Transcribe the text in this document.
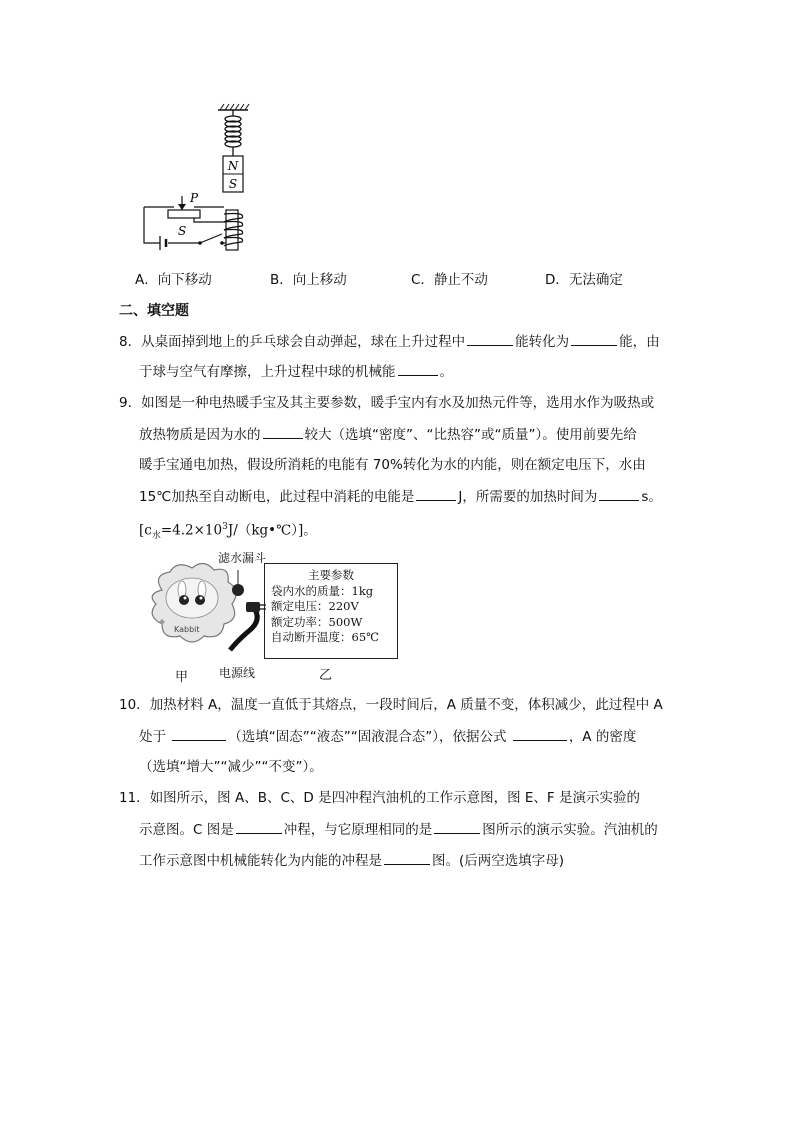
N
S
P
S
A．向下移动	B．向上移动	C．静止不动	D．无法确定
二、填空题
8．从桌面掉到地上的乒乓球会自动弹起，球在上升过程中	能转化为	能，由
于球与空气有摩擦，上升过程中球的机械能	。
9．如图是一种电热暖手宝及其主要参数，暖手宝内有水及加热元件等，选用水作为吸热或
放热物质是因为水的	较大（选填“密度”、“比热容”或“质量”）。使用前要先给
暖手宝通电加热，假设所消耗的电能有 70%转化为水的内能，则在额定电压下，水由
15℃加热至自动断电，此过程中消耗的电能是	J，所需要的加热时间为	s。
$[c_水=4.2\times 10^3J/(kg•℃)]$。
滤水漏斗
Kabbit
甲	电源线
主要参数
袋内水的质量：1kg
额定电压：220V
额定功率：500W
自动断开温度：65℃
乙
10．加热材料 A，温度一直低于其熔点，一段时间后，A 质量不变，体积减少，此过程中 A
处于	（选填“固态”“液态”“固液混合态”），依据公式	，A 的密度
（选填“增大”“减少”“不变”）。
11．如图所示，图 A、B、C、D 是四冲程汽油机的工作示意图，图 E、F 是演示实验的
示意图。C 图是	冲程，与它原理相同的是	图所示的演示实验。汽油机的
工作示意图中机械能转化为内能的冲程是	图。(后两空选填字母)
